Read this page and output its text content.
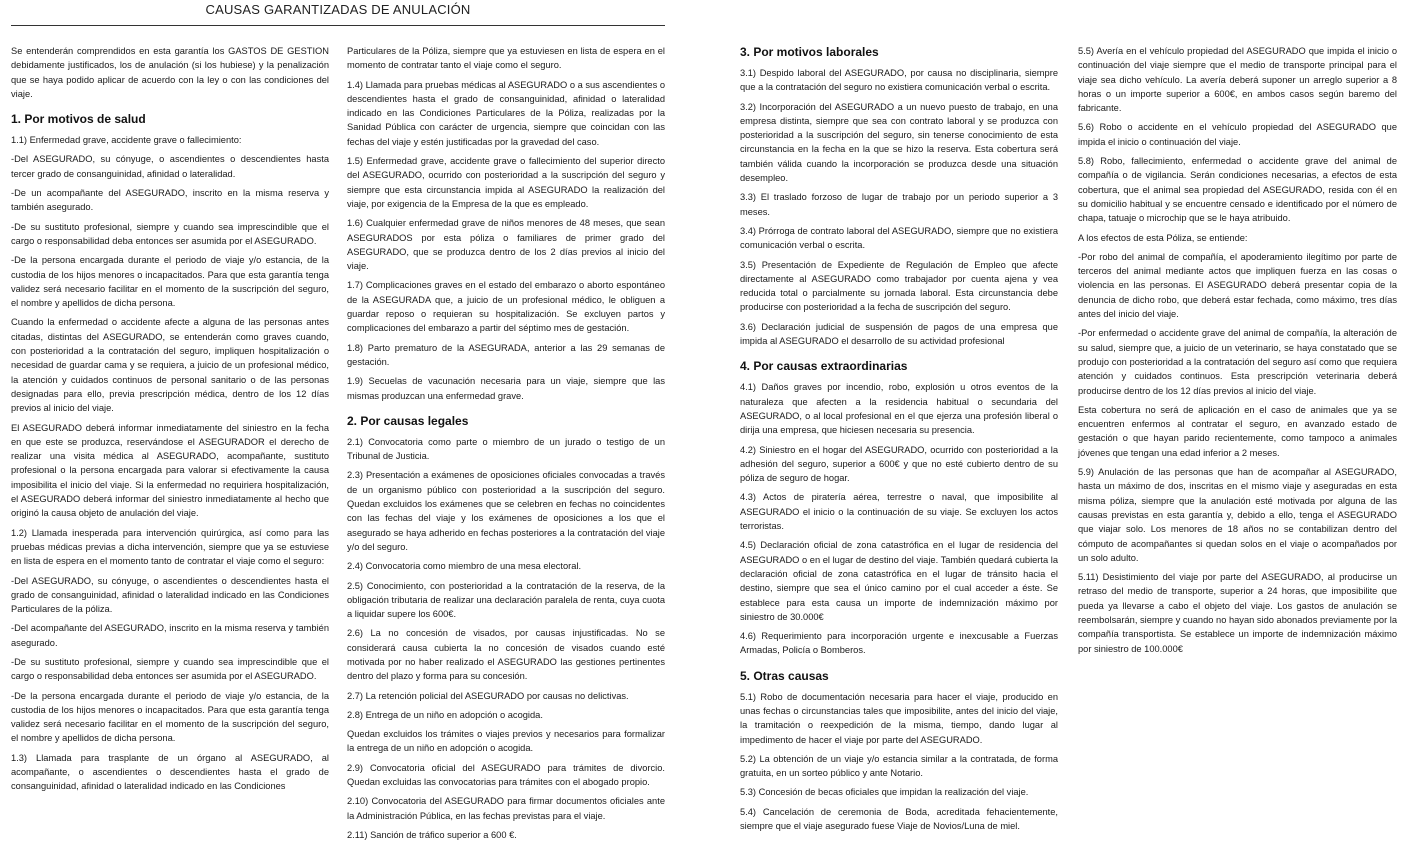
CAUSAS GARANTIZADAS DE ANULACIÓN

Se entenderán comprendidos en esta garantía los GASTOS DE GESTION debidamente justificados, los de anulación (si los hubiese) y la penalización que se haya podido aplicar de acuerdo con la ley o con las condiciones del viaje.

1. Por motivos de salud

1.1) Enfermedad grave, accidente grave o fallecimiento:

-Del ASEGURADO, su cónyuge, o ascendientes o descendientes hasta tercer grado de consanguinidad, afinidad o lateralidad.

-De un acompañante del ASEGURADO, inscrito en la misma reserva y también asegurado.

-De su sustituto profesional, siempre y cuando sea imprescindible que el cargo o responsabilidad deba entonces ser asumida por el ASEGURADO.

-De la persona encargada durante el periodo de viaje y/o estancia, de la custodia de los hijos menores o incapacitados. Para que esta garantía tenga validez será necesario facilitar en el momento de la suscripción del seguro, el nombre y apellidos de dicha persona.

Cuando la enfermedad o accidente afecte a alguna de las personas antes citadas, distintas del ASEGURADO, se entenderán como graves cuando, con posterioridad a la contratación del seguro, impliquen hospitalización o necesidad de guardar cama y se requiera, a juicio de un profesional médico, la atención y cuidados continuos de personal sanitario o de las personas designadas para ello, previa prescripción médica, dentro de los 12 días previos al inicio del viaje.

El ASEGURADO deberá informar inmediatamente del siniestro en la fecha en que este se produzca, reservándose el ASEGURADOR el derecho de realizar una visita médica al ASEGURADO, acompañante, sustituto profesional o la persona encargada para valorar si efectivamente la causa imposibilita el inicio del viaje. Si la enfermedad no requiriera hospitalización, el ASEGURADO deberá informar del siniestro inmediatamente al hecho que originó la causa objeto de anulación del viaje.

1.2) Llamada inesperada para intervención quirúrgica, así como para las pruebas médicas previas a dicha intervención, siempre que ya se estuviese en lista de espera en el momento tanto de contratar el viaje como el seguro:

-Del ASEGURADO, su cónyuge, o ascendientes o descendientes hasta el grado de consanguinidad, afinidad o lateralidad indicado en las Condiciones Particulares de la póliza.

-Del acompañante del ASEGURADO, inscrito en la misma reserva y también asegurado.

-De su sustituto profesional, siempre y cuando sea imprescindible que el cargo o responsabilidad deba entonces ser asumida por el ASEGURADO.

-De la persona encargada durante el periodo de viaje y/o estancia, de la custodia de los hijos menores o incapacitados. Para que esta garantía tenga validez será necesario facilitar en el momento de la suscripción del seguro, el nombre y apellidos de dicha persona.

1.3) Llamada para trasplante de un órgano al ASEGURADO, al acompañante, o ascendientes o descendientes hasta el grado de consanguinidad, afinidad o lateralidad indicado en las Condiciones

Particulares de la Póliza, siempre que ya estuviesen en lista de espera en el momento de contratar tanto el viaje como el seguro.

1.4) Llamada para pruebas médicas al ASEGURADO o a sus ascendientes o descendientes hasta el grado de consanguinidad, afinidad o lateralidad indicado en las Condiciones Particulares de la Póliza, realizadas por la Sanidad Pública con carácter de urgencia, siempre que coincidan con las fechas del viaje y estén justificadas por la gravedad del caso.

1.5) Enfermedad grave, accidente grave o fallecimiento del superior directo del ASEGURADO, ocurrido con posterioridad a la suscripción del seguro y siempre que esta circunstancia impida al ASEGURADO la realización del viaje, por exigencia de la Empresa de la que es empleado.

1.6) Cualquier enfermedad grave de niños menores de 48 meses, que sean ASEGURADOS por esta póliza o familiares de primer grado del ASEGURADO, que se produzca dentro de los 2 días previos al inicio del viaje.

1.7) Complicaciones graves en el estado del embarazo o aborto espontáneo de la ASEGURADA que, a juicio de un profesional médico, le obliguen a guardar reposo o requieran su hospitalización. Se excluyen partos y complicaciones del embarazo a partir del séptimo mes de gestación.

1.8) Parto prematuro de la ASEGURADA, anterior a las 29 semanas de gestación.

1.9) Secuelas de vacunación necesaria para un viaje, siempre que las mismas produzcan una enfermedad grave.

2. Por causas legales

2.1) Convocatoria como parte o miembro de un jurado o testigo de un Tribunal de Justicia.

2.3) Presentación a exámenes de oposiciones oficiales convocadas a través de un organismo público con posterioridad a la suscripción del seguro. Quedan excluidos los exámenes que se celebren en fechas no coincidentes con las fechas del viaje y los exámenes de oposiciones a los que el asegurado se haya adherido en fechas posteriores a la contratación del viaje y/o del seguro.

2.4) Convocatoria como miembro de una mesa electoral.

2.5) Conocimiento, con posterioridad a la contratación de la reserva, de la obligación tributaria de realizar una declaración paralela de renta, cuya cuota a liquidar supere los 600€.

2.6) La no concesión de visados, por causas injustificadas. No se considerará causa cubierta la no concesión de visados cuando esté motivada por no haber realizado el ASEGURADO las gestiones pertinentes dentro del plazo y forma para su concesión.

2.7) La retención policial del ASEGURADO por causas no delictivas.

2.8) Entrega de un niño en adopción o acogida.

Quedan excluidos los trámites o viajes previos y necesarios para formalizar la entrega de un niño en adopción o acogida.

2.9) Convocatoria oficial del ASEGURADO para trámites de divorcio. Quedan excluidas las convocatorias para trámites con el abogado propio.

2.10) Convocatoria del ASEGURADO para firmar documentos oficiales ante la Administración Pública, en las fechas previstas para el viaje.

2.11) Sanción de tráfico superior a 600 €.

3. Por motivos laborales

3.1) Despido laboral del ASEGURADO, por causa no disciplinaria, siempre que a la contratación del seguro no existiera comunicación verbal o escrita.

3.2) Incorporación del ASEGURADO a un nuevo puesto de trabajo, en una empresa distinta, siempre que sea con contrato laboral y se produzca con posterioridad a la suscripción del seguro, sin tenerse conocimiento de esta circunstancia en la fecha en la que se hizo la reserva. Esta cobertura será también válida cuando la incorporación se produzca desde una situación desempleo.

3.3) El traslado forzoso de lugar de trabajo por un periodo superior a 3 meses.

3.4) Prórroga de contrato laboral del ASEGURADO, siempre que no existiera comunicación verbal o escrita.

3.5) Presentación de Expediente de Regulación de Empleo que afecte directamente al ASEGURADO como trabajador por cuenta ajena y vea reducida total o parcialmente su jornada laboral. Esta circunstancia debe producirse con posterioridad a la fecha de suscripción del seguro.

3.6) Declaración judicial de suspensión de pagos de una empresa que impida al ASEGURADO el desarrollo de su actividad profesional

4. Por causas extraordinarias

4.1) Daños graves por incendio, robo, explosión u otros eventos de la naturaleza que afecten a la residencia habitual o secundaria del ASEGURADO, o al local profesional en el que ejerza una profesión liberal o dirija una empresa, que hiciesen necesaria su presencia.

4.2) Siniestro en el hogar del ASEGURADO, ocurrido con posterioridad a la adhesión del seguro, superior a 600€ y que no esté cubierto dentro de su póliza de seguro de hogar.

4.3) Actos de piratería aérea, terrestre o naval, que imposibilite al ASEGURADO el inicio o la continuación de su viaje. Se excluyen los actos terroristas.

4.5) Declaración oficial de zona catastrófica en el lugar de residencia del ASEGURADO o en el lugar de destino del viaje. También quedará cubierta la declaración oficial de zona catastrófica en el lugar de tránsito hacia el destino, siempre que sea el único camino por el cual acceder a éste. Se establece para esta causa un importe de indemnización máximo por siniestro de 30.000€

4.6) Requerimiento para incorporación urgente e inexcusable a Fuerzas Armadas, Policía o Bomberos.

5. Otras causas

5.1) Robo de documentación necesaria para hacer el viaje, producido en unas fechas o circunstancias tales que imposibilite, antes del inicio del viaje, la tramitación o reexpedición de la misma, tiempo, dando lugar al impedimento de hacer el viaje por parte del ASEGURADO.

5.2) La obtención de un viaje y/o estancia similar a la contratada, de forma gratuita, en un sorteo público y ante Notario.

5.3) Concesión de becas oficiales que impidan la realización del viaje.

5.4) Cancelación de ceremonia de Boda, acreditada fehacientemente, siempre que el viaje asegurado fuese Viaje de Novios/Luna de miel.

5.5) Avería en el vehículo propiedad del ASEGURADO que impida el inicio o continuación del viaje siempre que el medio de transporte principal para el viaje sea dicho vehículo. La avería deberá suponer un arreglo superior a 8 horas o un importe superior a 600€, en ambos casos según baremo del fabricante.

5.6) Robo o accidente en el vehículo propiedad del ASEGURADO que impida el inicio o continuación del viaje.

5.8) Robo, fallecimiento, enfermedad o accidente grave del animal de compañía o de vigilancia. Serán condiciones necesarias, a efectos de esta cobertura, que el animal sea propiedad del ASEGURADO, resida con él en su domicilio habitual y se encuentre censado e identificado por el número de chapa, tatuaje o microchip que se le haya atribuido.

A los efectos de esta Póliza, se entiende:

-Por robo del animal de compañía, el apoderamiento ilegítimo por parte de terceros del animal mediante actos que impliquen fuerza en las cosas o violencia en las personas. El ASEGURADO deberá presentar copia de la denuncia de dicho robo, que deberá estar fechada, como máximo, tres días antes del inicio del viaje.

-Por enfermedad o accidente grave del animal de compañía, la alteración de su salud, siempre que, a juicio de un veterinario, se haya constatado que se produjo con posterioridad a la contratación del seguro así como que requiera atención y cuidados continuos. Esta prescripción veterinaria deberá producirse dentro de los 12 días previos al inicio del viaje.

Esta cobertura no será de aplicación en el caso de animales que ya se encuentren enfermos al contratar el seguro, en avanzado estado de gestación o que hayan parido recientemente, como tampoco a animales jóvenes que tengan una edad inferior a 2 meses.

5.9) Anulación de las personas que han de acompañar al ASEGURADO, hasta un máximo de dos, inscritas en el mismo viaje y aseguradas en esta misma póliza, siempre que la anulación esté motivada por alguna de las causas previstas en esta garantía y, debido a ello, tenga el ASEGURADO que viajar solo. Los menores de 18 años no se contabilizan dentro del cómputo de acompañantes si quedan solos en el viaje o acompañados por un solo adulto.

5.11) Desistimiento del viaje por parte del ASEGURADO, al producirse un retraso del medio de transporte, superior a 24 horas, que imposibilite que pueda ya llevarse a cabo el objeto del viaje. Los gastos de anulación se reembolsarán, siempre y cuando no hayan sido abonados previamente por la compañía transportista. Se establece un importe de indemnización máximo por siniestro de 100.000€
